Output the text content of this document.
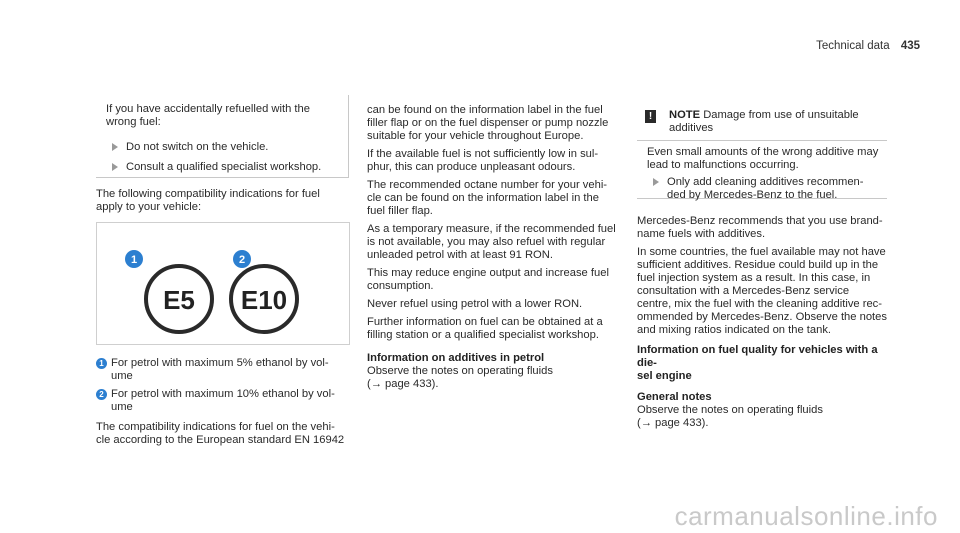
Technical data 435

If you have accidentally refuelled with the

wrong fuel:

Do not switch on the vehicle.
Consult a qualified specialist workshop.

The following compatibility indications for fuel

apply to your vehicle:

E5 E10
1	2
1 For petrol with maximum 5% ethanol by vol-

ume

2 For petrol with maximum 10% ethanol by vol-

ume

The compatibility indications for fuel on the vehi-

cle according to the European standard EN 16942

can be found on the information label in the fuel

filler flap or on the fuel dispenser or pump nozzle

suitable for your vehicle throughout Europe.

If the available fuel is not sufficiently low in sul-

phur, this can produce unpleasant odours.

The recommended octane number for your vehi-

cle can be found on the information label in the

fuel filler flap.

As a temporary measure, if the recommended fuel

is not available, you may also refuel with regular

unleaded petrol with at least 91 RON.

This may reduce engine output and increase fuel

consumption.

Never refuel using petrol with a lower RON.

Further information on fuel can be obtained at a

filling station or a qualified specialist workshop.

Information on additives in petrol

Observe the notes on operating fluids

(→ page 433).

!	NOTE Damage from use of unsuitable

additives

Even small amounts of the wrong additive may

lead to malfunctions occurring.

Only add cleaning additives recommen-

ded by Mercedes-Benz to the fuel.

Mercedes-Benz recommends that you use brand-

name fuels with additives.

In some countries, the fuel available may not have

sufficient additives. Residue could build up in the

fuel injection system as a result. In this case, in

consultation with a Mercedes-Benz service

centre, mix the fuel with the cleaning additive rec-

ommended by Mercedes-Benz. Observe the notes

and mixing ratios indicated on the tank.

Information on fuel quality for vehicles with a die-

sel engine

General notes

Observe the notes on operating fluids

(→ page 433).

carmanualsonline.info
